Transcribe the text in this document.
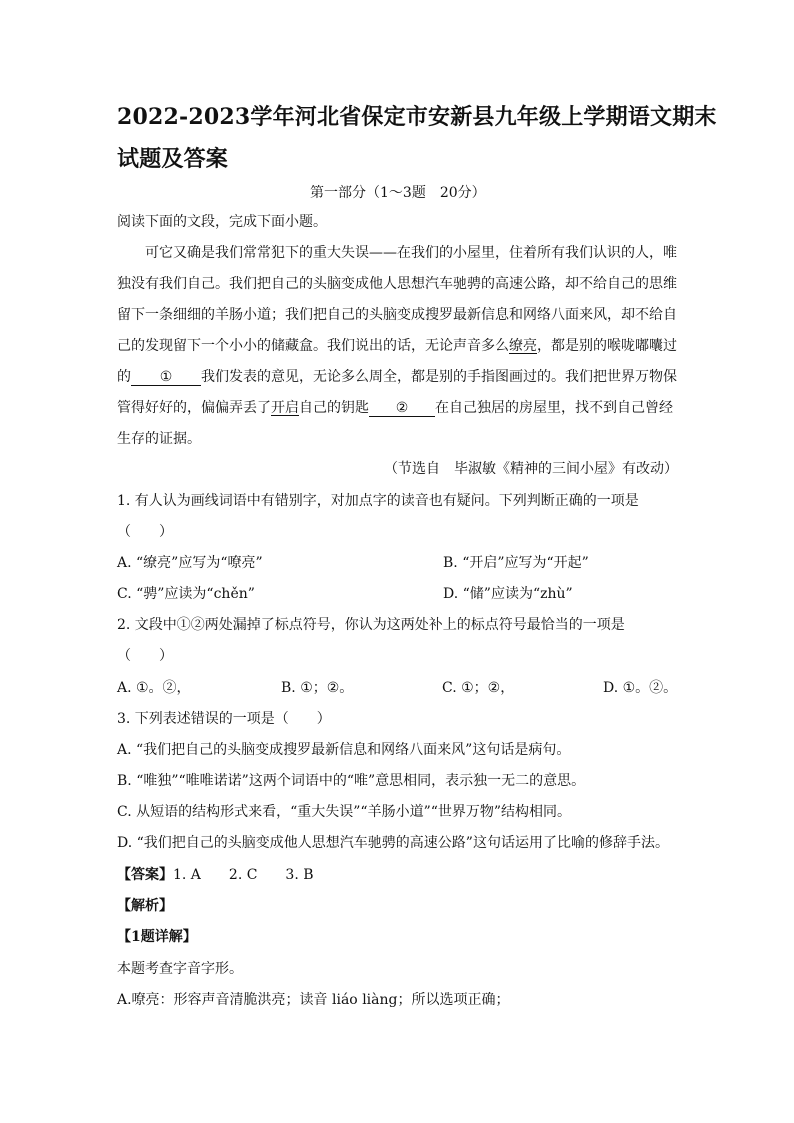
2022-2023学年河北省保定市安新县九年级上学期语文期末
试题及答案
第一部分（1～3题　20分）
阅读下面的文段，完成下面小题。
可它又确是我们常常犯下的重大失误——在我们的小屋里，住着所有我们认识的人，唯
独没有我们自己。我们把自己的头脑变成他人思想汽车驰骋的高速公路，却不给自己的思维
留下一条细细的羊肠小道；我们把自己的头脑变成搜罗最新信息和网络八面来风，却不给自
己的发现留下一个小小的储藏盒。我们说出的话，无论声音多么缭亮，都是别的喉咙嘟囔过
的 ① 我们发表的意见，无论多么周全，都是别的手指图画过的。我们把世界万物保
管得好好的，偏偏弄丢了开启自己的钥匙 ② 在自己独居的房屋里，找不到自己曾经
生存的证据。
（节选自　毕淑敏《精神的三间小屋》有改动）
1. 有人认为画线词语中有错别字，对加点字的读音也有疑问。下列判断正确的一项是
（　　）
A. “缭亮”应写为“嘹亮”	B. “开启”应写为“开起”
C. “骋”应读为“chěn”	D. “储”应读为“zhù”
2. 文段中①②两处漏掉了标点符号，你认为这两处补上的标点符号最恰当的一项是
（　　）
A. ①。②，	B. ①；②。	C. ①；②，	D. ①。②。
3. 下列表述错误的一项是（　　）
A. “我们把自己的头脑变成搜罗最新信息和网络八面来风”这句话是病句。
B. “唯独”“唯唯诺诺”这两个词语中的“唯”意思相同，表示独一无二的意思。
C. 从短语的结构形式来看，“重大失误”“羊肠小道”“世界万物”结构相同。
D. “我们把自己的头脑变成他人思想汽车驰骋的高速公路”这句话运用了比喻的修辞手法。
【答案】1. A　　2. C　　3. B
【解析】
【1题详解】
本题考查字音字形。
A.嘹亮：形容声音清脆洪亮；读音 liáo liàng；所以选项正确；
